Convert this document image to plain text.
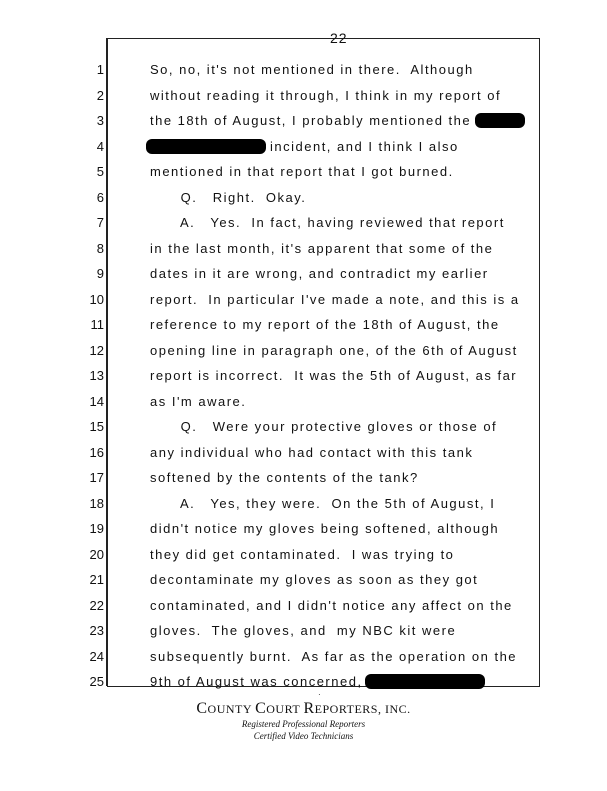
22
1
2
3
4
5
6
7
8
9
10
11
12
13
14
15
16
17
18
19
20
21
22
23
24
25
So, no, it's not mentioned in there.  Although
without reading it through, I think in my report of
the 18th of August, I probably mentioned the
incident, and I think I also
mentioned in that report that I got burned.
Q.   Right.  Okay.
A.   Yes.  In fact, having reviewed that report
in the last month, it's apparent that some of the
dates in it are wrong, and contradict my earlier
report.  In particular I've made a note, and this is a
reference to my report of the 18th of August, the
opening line in paragraph one, of the 6th of August
report is incorrect.  It was the 5th of August, as far
as I'm aware.
Q.   Were your protective gloves or those of
any individual who had contact with this tank
softened by the contents of the tank?
A.   Yes, they were.  On the 5th of August, I
didn't notice my gloves being softened, although
they did get contaminated.  I was trying to
decontaminate my gloves as soon as they got
contaminated, and I didn't notice any affect on the
gloves.  The gloves, and  my NBC kit were
subsequently burnt.  As far as the operation on the
9th of August was concerned,
·
COUNTY COURT REPORTERS, INC.
Registered Professional Reporters
Certified Video Technicians
